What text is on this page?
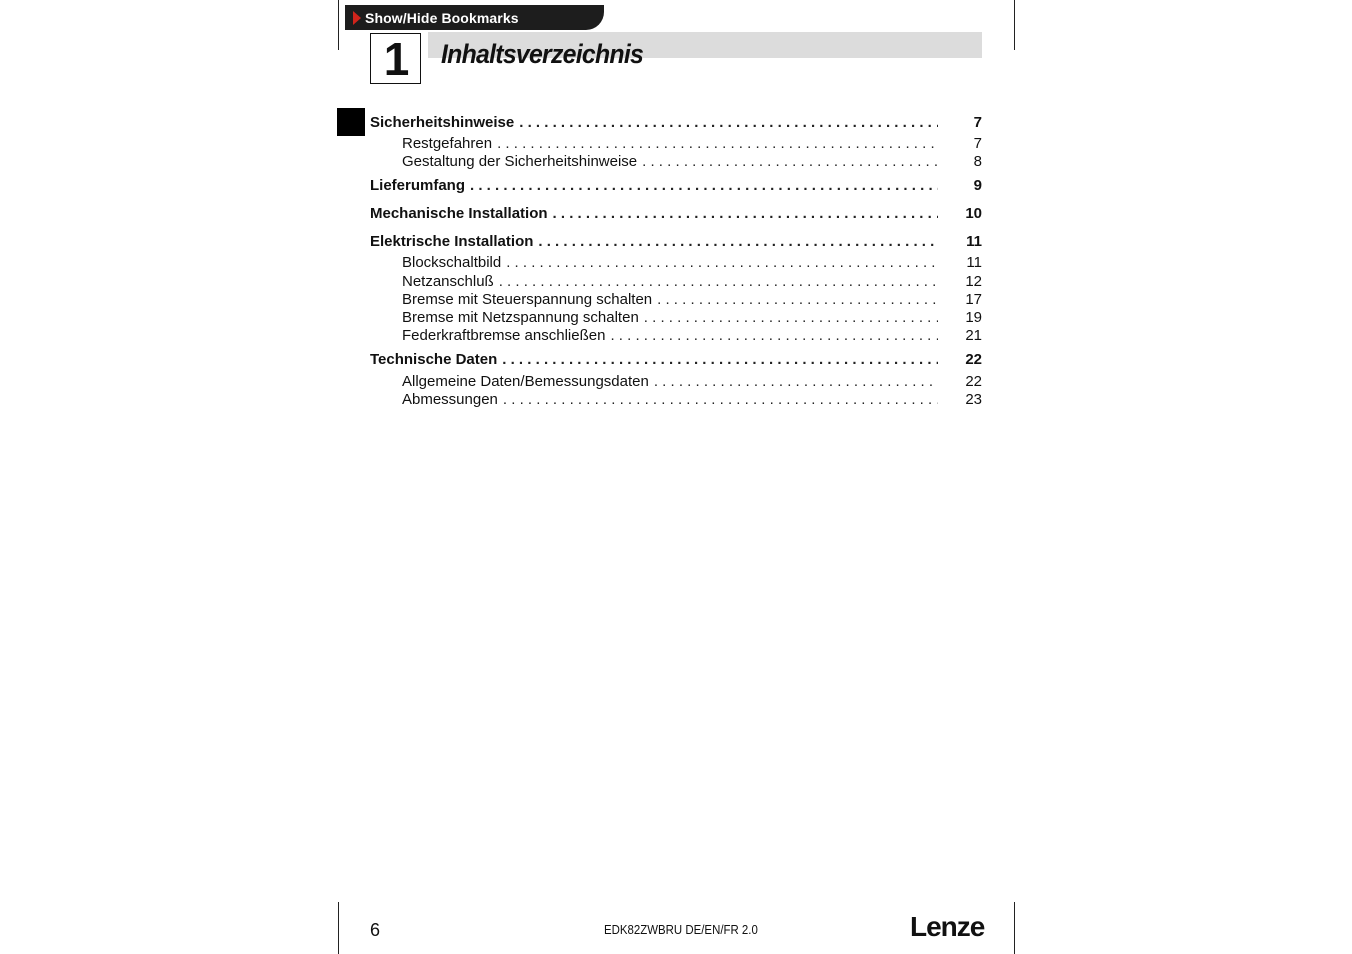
Show/Hide Bookmarks
1	Inhaltsverzeichnis
Sicherheitshinweise . . .	7
Restgefahren . . .	7
Gestaltung der Sicherheitshinweise . . .	8
Lieferumfang . . .	9
Mechanische Installation . . .	10
Elektrische Installation . . .	11
Blockschaltbild . . .	11
Netzanschluß . . .	12
Bremse mit Steuerspannung schalten . . .	17
Bremse mit Netzspannung schalten . . .	19
Federkraftbremse anschließen . . .	21
Technische Daten . . .	22
Allgemeine Daten/Bemessungsdaten . . .	22
Abmessungen . . .	23
6	EDK82ZWBRU DE/EN/FR 2.0	Lenze
